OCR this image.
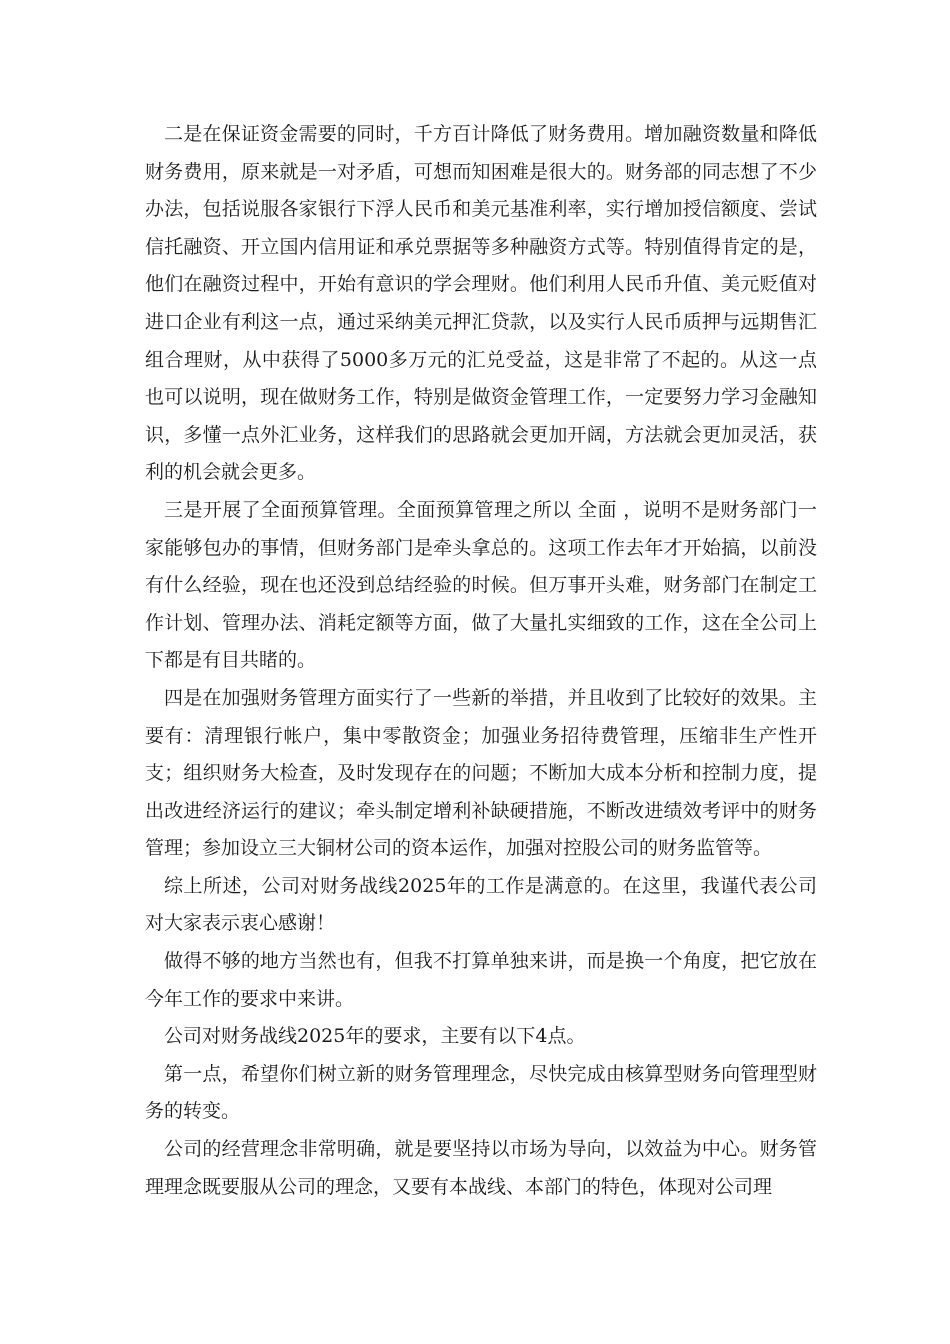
二是在保证资金需要的同时，千方百计降低了财务费用。增加融资数量和降低财务费用，原来就是一对矛盾，可想而知困难是很大的。财务部的同志想了不少办法，包括说服各家银行下浮人民币和美元基准利率，实行增加授信额度、尝试信托融资、开立国内信用证和承兑票据等多种融资方式等。特别值得肯定的是，他们在融资过程中，开始有意识的学会理财。他们利用人民币升值、美元贬值对进口企业有利这一点，通过采纳美元押汇贷款，以及实行人民币质押与远期售汇组合理财，从中获得了5000多万元的汇兑受益，这是非常了不起的。从这一点也可以说明，现在做财务工作，特别是做资金管理工作，一定要努力学习金融知识，多懂一点外汇业务，这样我们的思路就会更加开阔，方法就会更加灵活，获利的机会就会更多。

三是开展了全面预算管理。全面预算管理之所以 全面 ，说明不是财务部门一家能够包办的事情，但财务部门是牵头拿总的。这项工作去年才开始搞，以前没有什么经验，现在也还没到总结经验的时候。但万事开头难，财务部门在制定工作计划、管理办法、消耗定额等方面，做了大量扎实细致的工作，这在全公司上下都是有目共睹的。

四是在加强财务管理方面实行了一些新的举措，并且收到了比较好的效果。主要有：清理银行帐户，集中零散资金；加强业务招待费管理，压缩非生产性开支；组织财务大检查，及时发现存在的问题；不断加大成本分析和控制力度，提出改进经济运行的建议；牵头制定增利补缺硬措施，不断改进绩效考评中的财务管理；参加设立三大铜材公司的资本运作，加强对控股公司的财务监管等。

综上所述，公司对财务战线2025年的工作是满意的。在这里，我谨代表公司对大家表示衷心感谢！

做得不够的地方当然也有，但我不打算单独来讲，而是换一个角度，把它放在今年工作的要求中来讲。

公司对财务战线2025年的要求，主要有以下4点。

第一点，希望你们树立新的财务管理理念，尽快完成由核算型财务向管理型财务的转变。

公司的经营理念非常明确，就是要坚持以市场为导向，以效益为中心。财务管理理念既要服从公司的理念，又要有本战线、本部门的特色，体现对公司理
